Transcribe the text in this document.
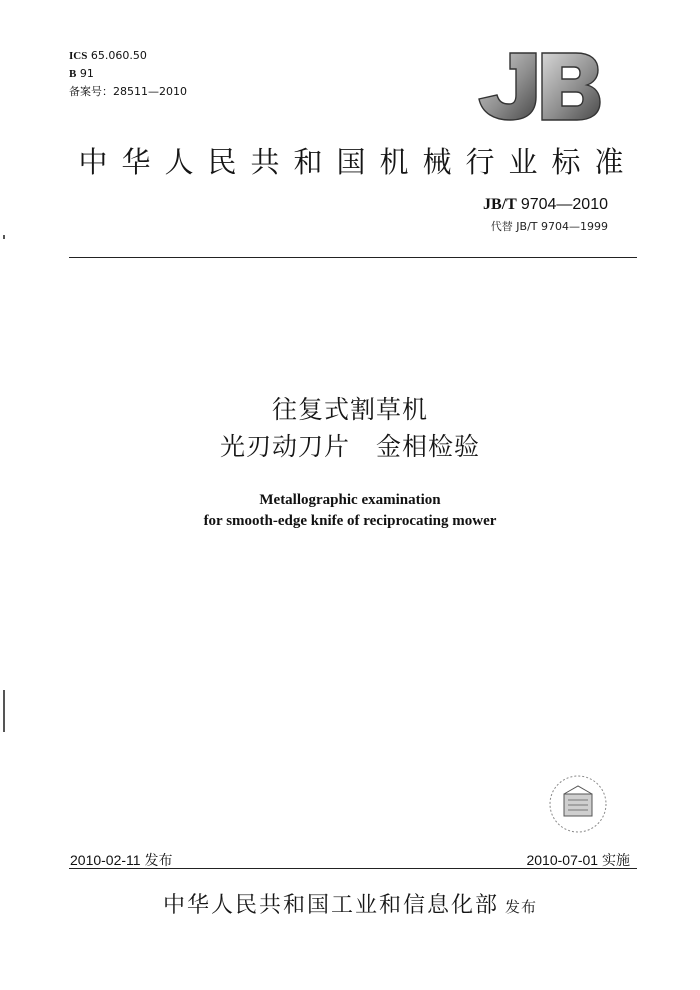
ICS 65.060.50
B 91
备案号：28511—2010	JB
中华人民共和国机械行业标准
JB/T 9704—2010
代替 JB/T 9704—1999
往复式割草机
光刃动刀片　金相检验
Metallographic examination
for smooth-edge knife of reciprocating mower
2010-02-11 发布	2010-07-01 实施
中华人民共和国工业和信息化部 发布
